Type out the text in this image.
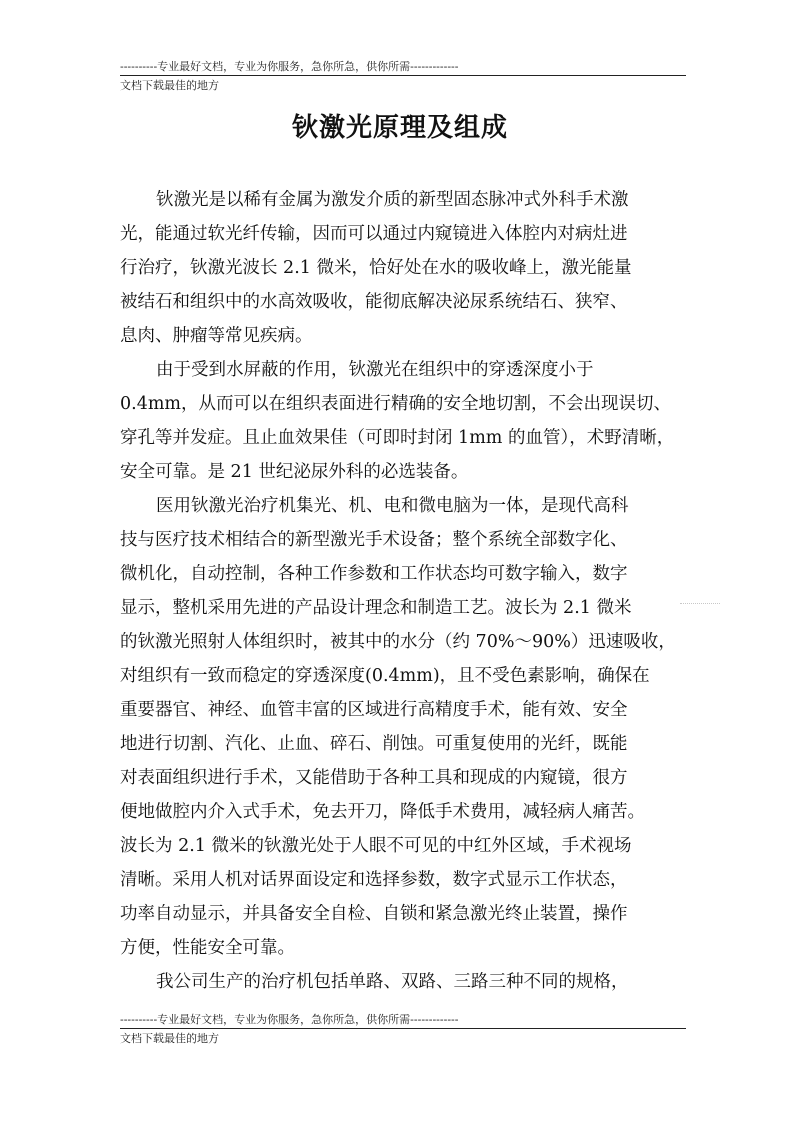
----------专业最好文档，专业为你服务，急你所急，供你所需-------------
文档下载最佳的地方
钬激光原理及组成
钬激光是以稀有金属为激发介质的新型固态脉冲式外科手术激
光，能通过软光纤传输，因而可以通过内窥镜进入体腔内对病灶进
行治疗，钬激光波长 2.1 微米，恰好处在水的吸收峰上，激光能量
被结石和组织中的水高效吸收，能彻底解决泌尿系统结石、狭窄、
息肉、肿瘤等常见疾病。
由于受到水屏蔽的作用，钬激光在组织中的穿透深度小于
0.4mm，从而可以在组织表面进行精确的安全地切割，不会出现误切、
穿孔等并发症。且止血效果佳（可即时封闭 1mm 的血管），术野清晰，
安全可靠。是 21 世纪泌尿外科的必选装备。
医用钬激光治疗机集光、机、电和微电脑为一体，是现代高科
技与医疗技术相结合的新型激光手术设备；整个系统全部数字化、
微机化，自动控制，各种工作参数和工作状态均可数字输入，数字
显示，整机采用先进的产品设计理念和制造工艺。波长为 2.1 微米
的钬激光照射人体组织时，被其中的水分（约 70%～90%）迅速吸收，
对组织有一致而稳定的穿透深度(0.4mm)，且不受色素影响，确保在
重要器官、神经、血管丰富的区域进行高精度手术，能有效、安全
地进行切割、汽化、止血、碎石、削蚀。可重复使用的光纤，既能
对表面组织进行手术，又能借助于各种工具和现成的内窥镜，很方
便地做腔内介入式手术，免去开刀，降低手术费用，减轻病人痛苦。
波长为 2.1 微米的钬激光处于人眼不可见的中红外区域，手术视场
清晰。采用人机对话界面设定和选择参数，数字式显示工作状态，
功率自动显示，并具备安全自检、自锁和紧急激光终止装置，操作
方便，性能安全可靠。
我公司生产的治疗机包括单路、双路、三路三种不同的规格，
----------专业最好文档，专业为你服务，急你所急，供你所需-------------
文档下载最佳的地方
